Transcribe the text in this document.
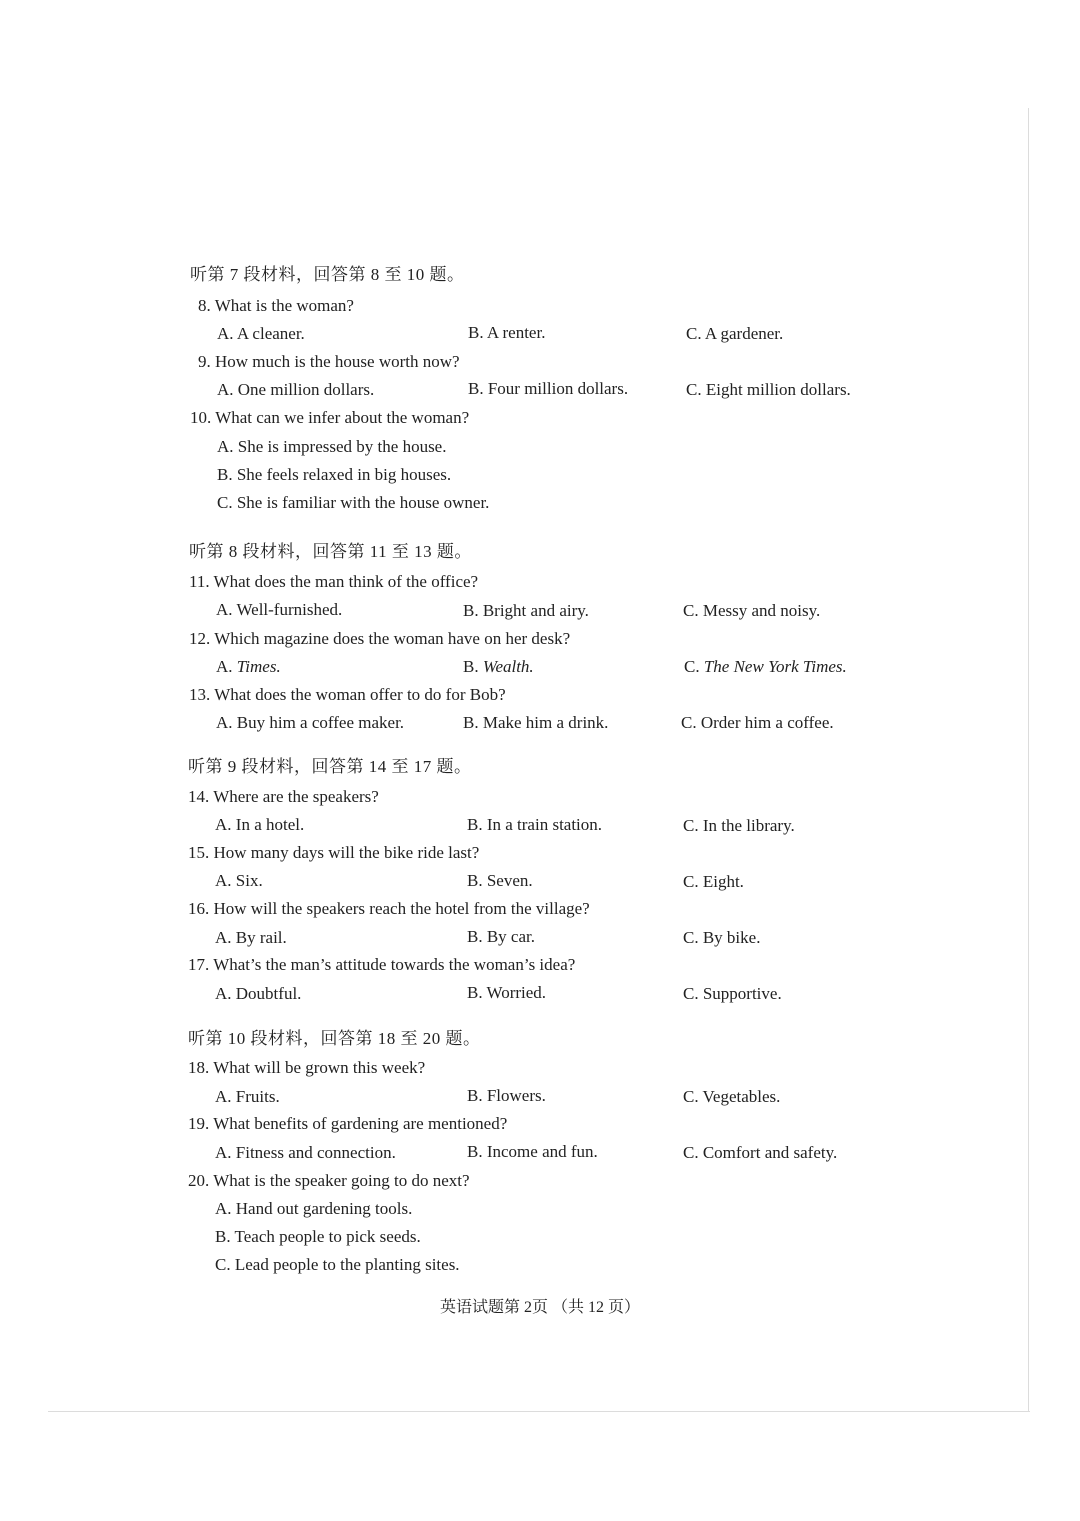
听第 7 段材料，回答第 8 至 10 题。
8. What is the woman?
A. A cleaner.	B. A renter.	C. A gardener.
9. How much is the house worth now?
A. One million dollars.	B. Four million dollars.	C. Eight million dollars.
10. What can we infer about the woman?
A. She is impressed by the house.
B. She feels relaxed in big houses.
C. She is familiar with the house owner.
听第 8 段材料，回答第 11 至 13 题。
11. What does the man think of the office?
A. Well-furnished.	B. Bright and airy.	C. Messy and noisy.
12. Which magazine does the woman have on her desk?
A. Times.	B. Wealth.	C. The New York Times.
13. What does the woman offer to do for Bob?
A. Buy him a coffee maker.	B. Make him a drink.	C. Order him a coffee.
听第 9 段材料，回答第 14 至 17 题。
14. Where are the speakers?
A. In a hotel.	B. In a train station.	C. In the library.
15. How many days will the bike ride last?
A. Six.	B. Seven.	C. Eight.
16. How will the speakers reach the hotel from the village?
A. By rail.	B. By car.	C. By bike.
17. What’s the man’s attitude towards the woman’s idea?
A. Doubtful.	B. Worried.	C. Supportive.
听第 10 段材料，回答第 18 至 20 题。
18. What will be grown this week?
A. Fruits.	B. Flowers.	C. Vegetables.
19. What benefits of gardening are mentioned?
A. Fitness and connection.	B. Income and fun.	C. Comfort and safety.
20. What is the speaker going to do next?
A. Hand out gardening tools.
B. Teach people to pick seeds.
C. Lead people to the planting sites.
英语试题第 2页 （共 12 页）
